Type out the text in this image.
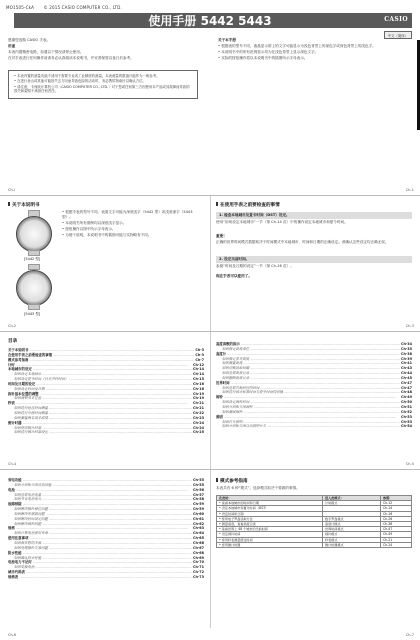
MO1505-CkA © 2015 CASIO COMPUTER CO., LTD.
使用手册 5442 5443	CASIO
中文（简体）

感谢您选购 CASIO 手表。

用途

本表内置精密电路，如遇以下情况请停止使用。

在对手表进行任何操作前请务必认真阅读本说明书，并妥善保管以备日后参考。

• 本表内置的测量功能不适用于需要专业或工业精度的测量。本表测量的数值只能作为一般参考。

• 在进行登山或其他可能因失去方向而导致危险的活动时，务必携带指南针以确认方位。

• 请注意，卡西欧计算机公司（CASIO COMPUTER CO., LTD.）对于您或任何第三方因使用本产品或其故障而导致的损失和索赔不承担任何责任。

关于本手册

• 根据表的型号不同，液晶显示屏上的文字可能显示为浅色背景上的深色字或深色背景上的浅色字。

• 本说明书中的所有范例显示均为在浅色背景上显示深色文字。

• 实际的按钮操作将以本说明书中的插图所示字母表示。

Ch-i	Ch-1
关于本说明书
[5442 型]
[5443 型]

• 根据手表的型号不同，表面文字可能为深底浅字（5442 型）或浅底深字（5443 型）。

• 本说明书所有图例均以深底浅字显示。

• 按钮操作以图中所示字母表示。

• 为便于说明，本说明书中的插图可能与实物略有不同。

在使用手表之前要检查的事情
1. 检查本地城市及夏令时间（DST）设定。
使用“如何设定本地城市”一节（第 Ch-14 页）中的操作设定本地城市和夏令时间。
重要！
正确的世界时间模式数据取决于时间模式中本地城市、时间和日期的正确设定。请确认这些设定均正确无误。
2. 设定当前时间。
参阅“时间及日期的设定”一节（第 Ch-16 页）。
现在手表可以使用了。
Ch-2	Ch-3
目录
关于本说明书 .....	Ch-3
在使用手表之前要检查的事情 .....	Ch-3
模式参考指南 .....	Ch-7
计时 .....	Ch-12
本地城市的设定 .....	Ch-14
如何设定本地城市 .....	Ch-14
如何设定夏令时间（日光节约时间） .....	Ch-15
时间及日期的设定 .....	Ch-16
如何设定时间及日期 .....	Ch-16
指针基本位置的调整 .....	Ch-19
如何调整基本位置 .....	Ch-19
秒表 .....	Ch-21
如何进行经过时间测量 .....	Ch-21
如何进行分段时间测量 .....	Ch-22
如何测量两名选手成绩 .....	Ch-23
倒计时器 .....	Ch-24
如何使用倒计时器 .....	Ch-24
如何进行倒计时器设定 .....	Ch-25
高度读数的指示 .....	Ch-34
如何指定高度单位 .....	Ch-35
高度计 .....	Ch-38
如何指定参考高度 .....	Ch-39
如何测量高度 .....	Ch-41
如何切换读取间隔 .....	Ch-43
如何查看高度记录 .....	Ch-44
如何删除高度记录 .....	Ch-45
世界时间 .....	Ch-47
如何查看其他时区的时间 .....	Ch-47
如何进行城市标准时间与夏令时间的切换 .....	Ch-48
闹铃 .....	Ch-49
如何设定闹铃时间 .....	Ch-50
如何开启和关闭闹铃 .....	Ch-51
如何测试闹铃 .....	Ch-52
照明 .....	Ch-53
如何打开照明 .....	Ch-53
如何开启和关闭自动照明开关 .....	Ch-54
Ch-4	Ch-5
省电功能 .....	Ch-55
如何开启和关闭省电功能 .....	Ch-55
电池 .....	Ch-56
如何查看电池电量 .....	Ch-57
如何节省电池电力 .....	Ch-58
故障排除 .....	Ch-59
如何解决指针移位问题 .....	Ch-59
如何解决传感器问题 .....	Ch-60
如何解决时间设定问题 .....	Ch-61
如何解决闹铃问题 .....	Ch-62
规格 .....	Ch-63
如何计算电池使用寿命 .....	Ch-64
使用注意事项 .....	Ch-65
如何保养您的手表 .....	Ch-66
如何处理指针失准问题 .....	Ch-67
防水性能 .....	Ch-68
如何确认防水性能 .....	Ch-69
电池电力不足时 .....	Ch-70
如何更换电池 .....	Ch-71
城市代码表 .....	Ch-72
规格表 .....	Ch-73
模式参考指南
本表共有 6 种“模式”。选择模式取决于要做的事情。
在此时：	进入此模式：	参照：
• 查看本地城市的时间和日期	计时模式	Ch-12
• 设定本地城市和夏令时间（DST）		Ch-14
• 设定时间和日期		Ch-16
• 使用电子罗盘读取方位	数字罗盘模式	Ch-26
• 测量高度，查看高度记录	高度计模式	Ch-38
• 查看世界上 48 个城市的当前时间	世界时间模式	Ch-47
• 设定闹铃时间	闹铃模式	Ch-49
• 使用秒表测量经过时间	秒表模式	Ch-21
• 使用倒计时器	倒计时器模式	Ch-24
Ch-6	Ch-7
